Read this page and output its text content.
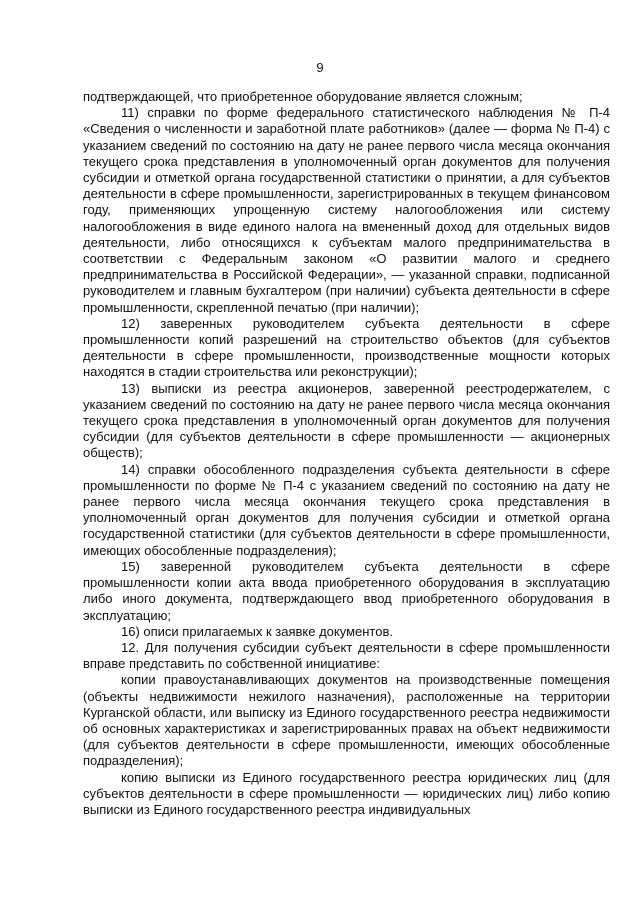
9

подтверждающей, что приобретенное оборудование является сложным;

11) справки по форме федерального статистического наблюдения № П-4 «Сведения о численности и заработной плате работников» (далее — форма № П-4) с указанием сведений по состоянию на дату не ранее первого числа месяца окончания текущего срока представления в уполномоченный орган документов для получения субсидии и отметкой органа государственной статистики о принятии, а для субъектов деятельности в сфере промышленности, зарегистрированных в текущем финансовом году, применяющих упрощенную систему налогообложения или систему налогообложения в виде единого налога на вмененный доход для отдельных видов деятельности, либо относящихся к субъектам малого предпринимательства в соответствии с Федеральным законом «О развитии малого и среднего предпринимательства в Российской Федерации», — указанной справки, подписанной руководителем и главным бухгалтером (при наличии) субъекта деятельности в сфере промышленности, скрепленной печатью (при наличии);

12) заверенных руководителем субъекта деятельности в сфере промышленности копий разрешений на строительство объектов (для субъектов деятельности в сфере промышленности, производственные мощности которых находятся в стадии строительства или реконструкции);

13) выписки из реестра акционеров, заверенной реестродержателем, с указанием сведений по состоянию на дату не ранее первого числа месяца окончания текущего срока представления в уполномоченный орган документов для получения субсидии (для субъектов деятельности в сфере промышленности — акционерных обществ);

14) справки обособленного подразделения субъекта деятельности в сфере промышленности по форме № П-4 с указанием сведений по состоянию на дату не ранее первого числа месяца окончания текущего срока представления в уполномоченный орган документов для получения субсидии и отметкой органа государственной статистики (для субъектов деятельности в сфере промышленности, имеющих обособленные подразделения);

15) заверенной руководителем субъекта деятельности в сфере промышленности копии акта ввода приобретенного оборудования в эксплуатацию либо иного документа, подтверждающего ввод приобретенного оборудования в эксплуатацию;

16) описи прилагаемых к заявке документов.

12. Для получения субсидии субъект деятельности в сфере промышленности вправе представить по собственной инициативе:

копии правоустанавливающих документов на производственные помещения (объекты недвижимости нежилого назначения), расположенные на территории Курганской области, или выписку из Единого государственного реестра недвижимости об основных характеристиках и зарегистрированных правах на объект недвижимости (для субъектов деятельности в сфере промышленности, имеющих обособленные подразделения);

копию выписки из Единого государственного реестра юридических лиц (для субъектов деятельности в сфере промышленности — юридических лиц) либо копию выписки из Единого государственного реестра индивидуальных
